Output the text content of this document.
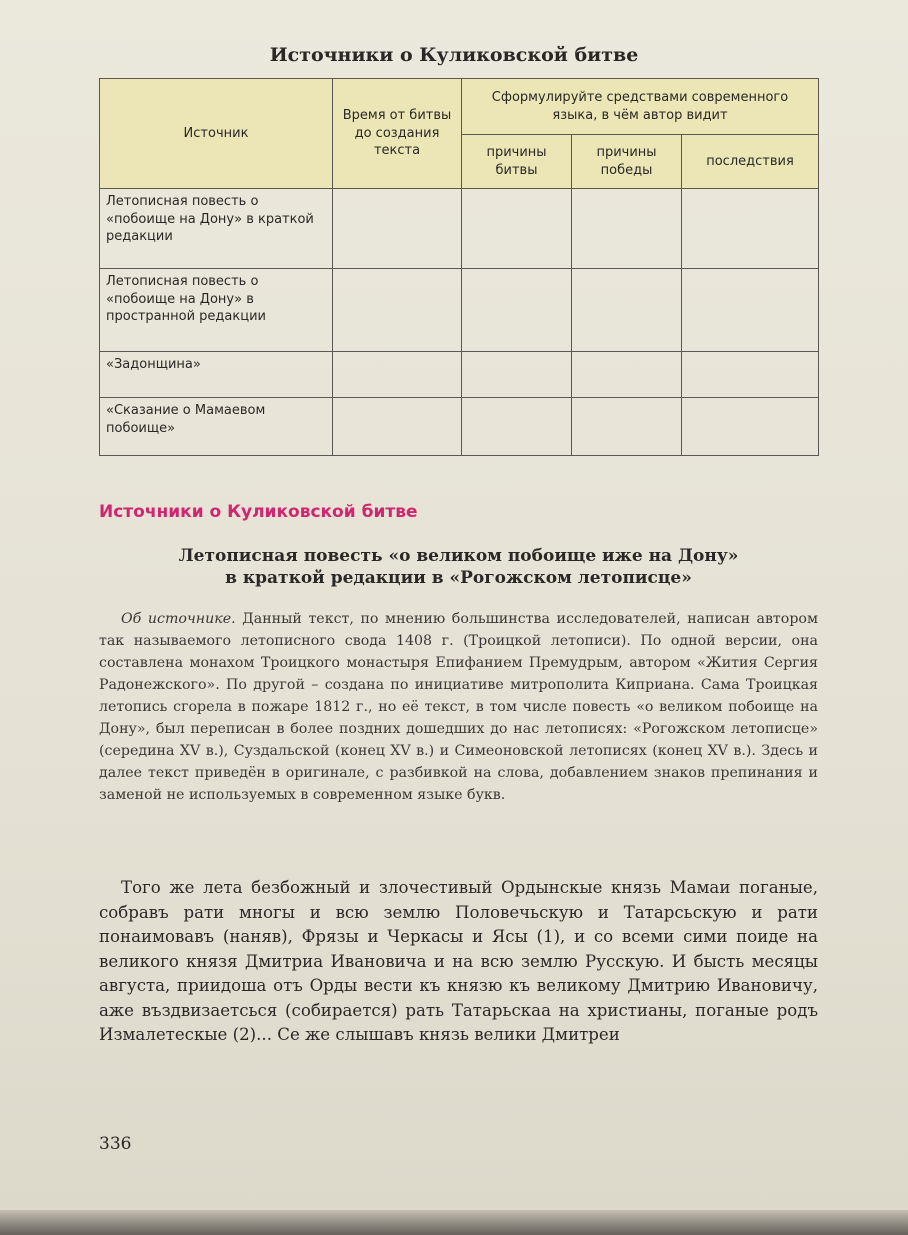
Источники о Куликовской битве
Источник	Время от битвы до создания текста	Сформулируйте средствами современного языка, в чём автор видит		
		причины битвы	причины победы	последствия
Летописная повесть о «побоище на Дону» в краткой редакции				
Летописная повесть о «побоище на Дону» в пространной редакции				
«Задонщина»				
«Сказание о Мамаевом побоище»				
Источники о Куликовской битве
Летописная повесть «о великом побоище иже на Дону»
в краткой редакции в «Рогожском летописце»
Об источнике. Данный текст, по мнению большинства исследователей, написан автором так называемого летописного свода 1408 г. (Троицкой летописи). По одной версии, она составлена монахом Троицкого монастыря Епифанием Премудрым, автором «Жития Сергия Радонежского». По другой – создана по инициативе митрополита Киприана. Сама Троицкая летопись сгорела в пожаре 1812 г., но её текст, в том числе повесть «о великом побоище на Дону», был переписан в более поздних дошедших до нас летописях: «Рогожском летописце» (середина XV в.), Суздальской (конец XV в.) и Симеоновской летописях (конец XV в.). Здесь и далее текст приведён в оригинале, с разбивкой на слова, добавлением знаков препинания и заменой не используемых в современном языке букв.
Того же лета безбожный и злочестивый Ордынскые князь Мамаи поганые, собравъ рати многы и всю землю Половечьскую и Татарсьскую и рати понаимовавъ (наняв), Фрязы и Черкасы и Ясы (1), и со всеми сими поиде на великого князя Дмитриа Ивановича и на всю землю Русскую. И бысть месяцы августа, приидоша отъ Орды вести къ князю къ великому Дмитрию Ивановичу, аже въздвизаетсься (собирается) рать Татарьскаа на христианы, поганые родъ Измалетескые (2)... Се же слышавъ князь велики Дмитреи
336
